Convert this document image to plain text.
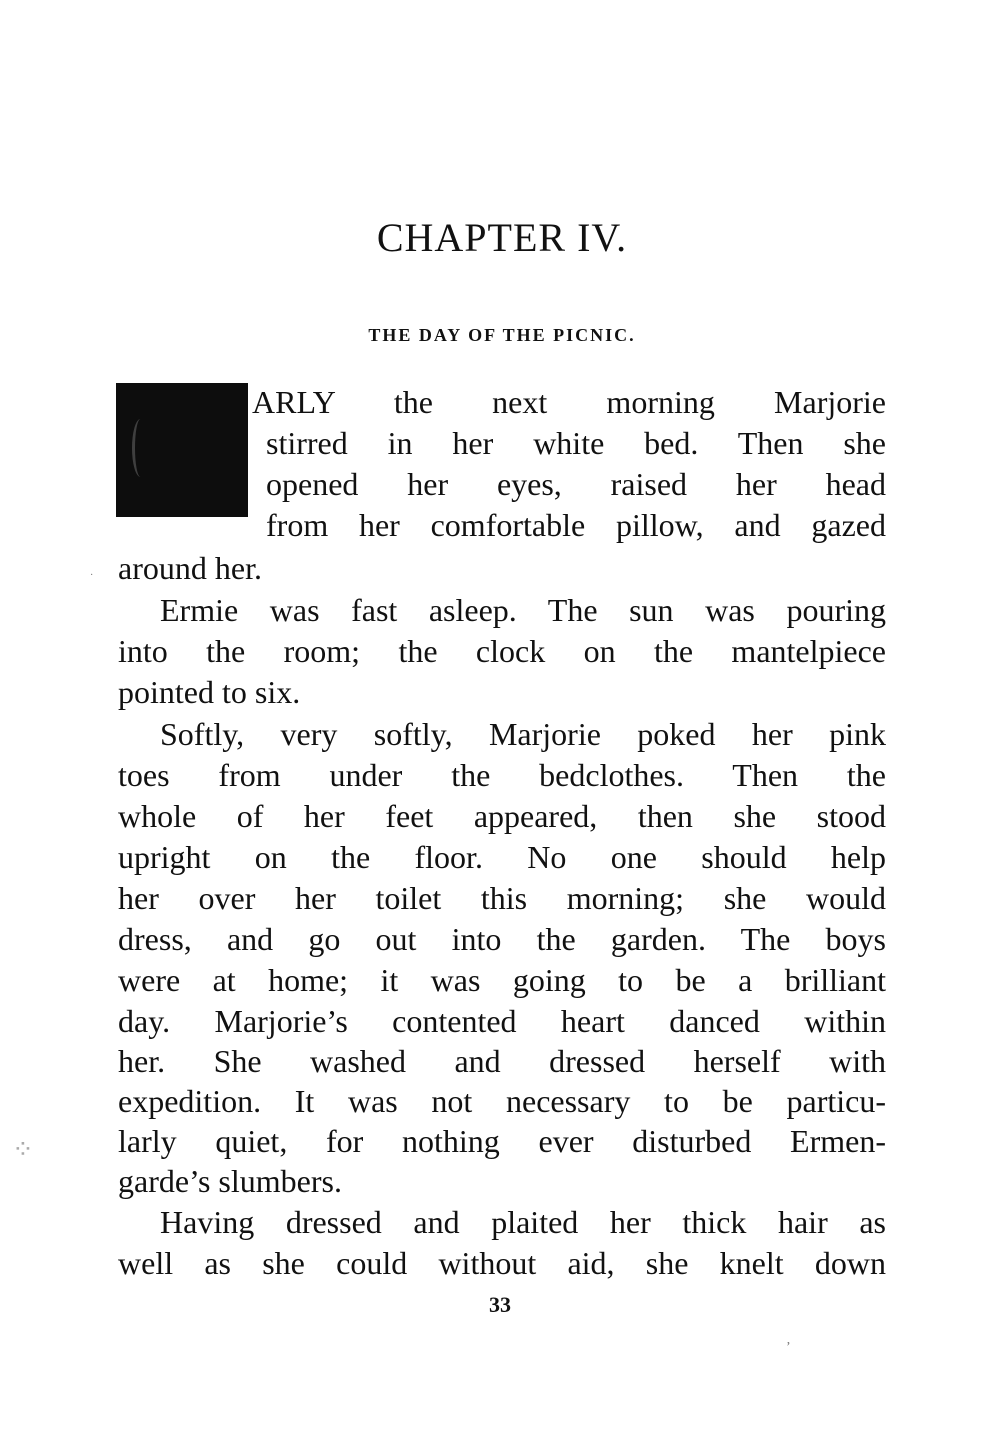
CHAPTER IV.
THE DAY OF THE PICNIC.
ARLY the next morning Marjorie
stirred in her white bed. Then she
opened her eyes, raised her head
from her comfortable pillow, and gazed
around her.
Ermie was fast asleep. The sun was pouring
into the room; the clock on the mantelpiece
pointed to six.
Softly, very softly, Marjorie poked her pink
toes from under the bedclothes. Then the
whole of her feet appeared, then she stood
upright on the floor. No one should help
her over her toilet this morning; she would
dress, and go out into the garden. The boys
were at home; it was going to be a brilliant
day. Marjorie’s contented heart danced within
her. She washed and dressed herself with
expedition. It was not necessary to be particu-
larly quiet, for nothing ever disturbed Ermen-
garde’s slumbers.
Having dressed and plaited her thick hair as
well as she could without aid, she knelt down
33
·
⁘
ʼ
